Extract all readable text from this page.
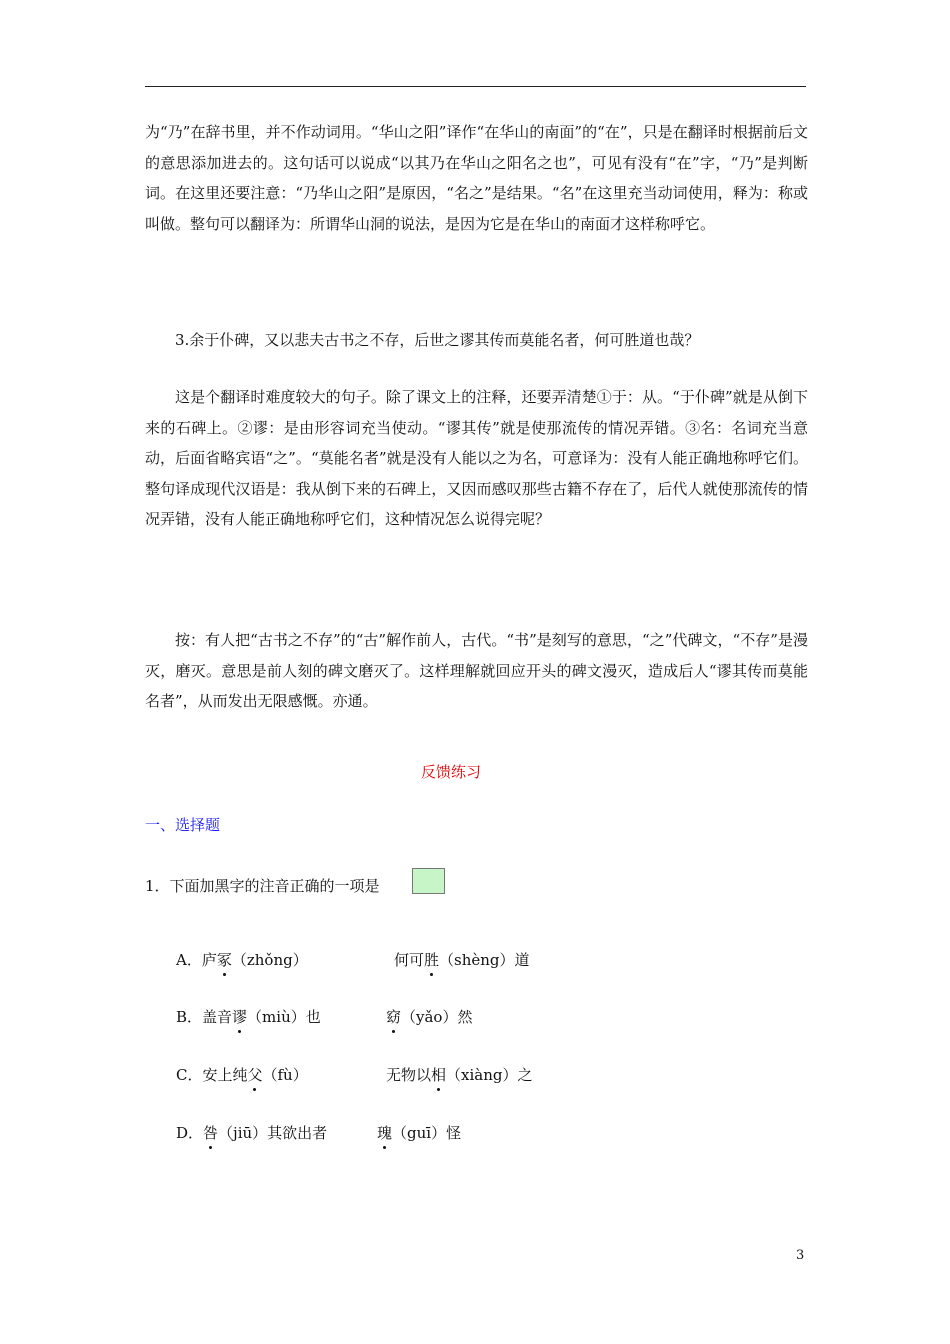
为“乃”在辞书里，并不作动词用。“华山之阳”译作“在华山的南面”的“在”，只是在翻译时根据前后文的意思添加进去的。这句话可以说成“以其乃在华山之阳名之也”，可见有没有“在”字，“乃”是判断词。在这里还要注意：“乃华山之阳”是原因，“名之”是结果。“名”在这里充当动词使用，释为：称或叫做。整句可以翻译为：所谓华山洞的说法，是因为它是在华山的南面才这样称呼它。

3.余于仆碑，又以悲夫古书之不存，后世之谬其传而莫能名者，何可胜道也哉？

这是个翻译时难度较大的句子。除了课文上的注释，还要弄清楚①于：从。“于仆碑”就是从倒下来的石碑上。②谬：是由形容词充当使动。“谬其传”就是使那流传的情况弄错。③名：名词充当意动，后面省略宾语“之”。“莫能名者”就是没有人能以之为名，可意译为：没有人能正确地称呼它们。整句译成现代汉语是：我从倒下来的石碑上，又因而感叹那些古籍不存在了，后代人就使那流传的情况弄错，没有人能正确地称呼它们，这种情况怎么说得完呢？

按：有人把“古书之不存”的“古”解作前人，古代。“书”是刻写的意思，“之”代碑文，“不存”是漫灭，磨灭。意思是前人刻的碑文磨灭了。这样理解就回应开头的碑文漫灭，造成后人“谬其传而莫能名者”，从而发出无限感慨。亦通。

反馈练习
一、选择题
1．下面加黑字的注音正确的一项是
A．庐冢（zhǒng）	何可胜（shèng）道
B．盖音谬（miù）也	窈（yǎo）然
C．安上纯父（fù）	无物以相（xiàng）之
D．咎（jiū）其欲出者	瑰（guī）怪
3
